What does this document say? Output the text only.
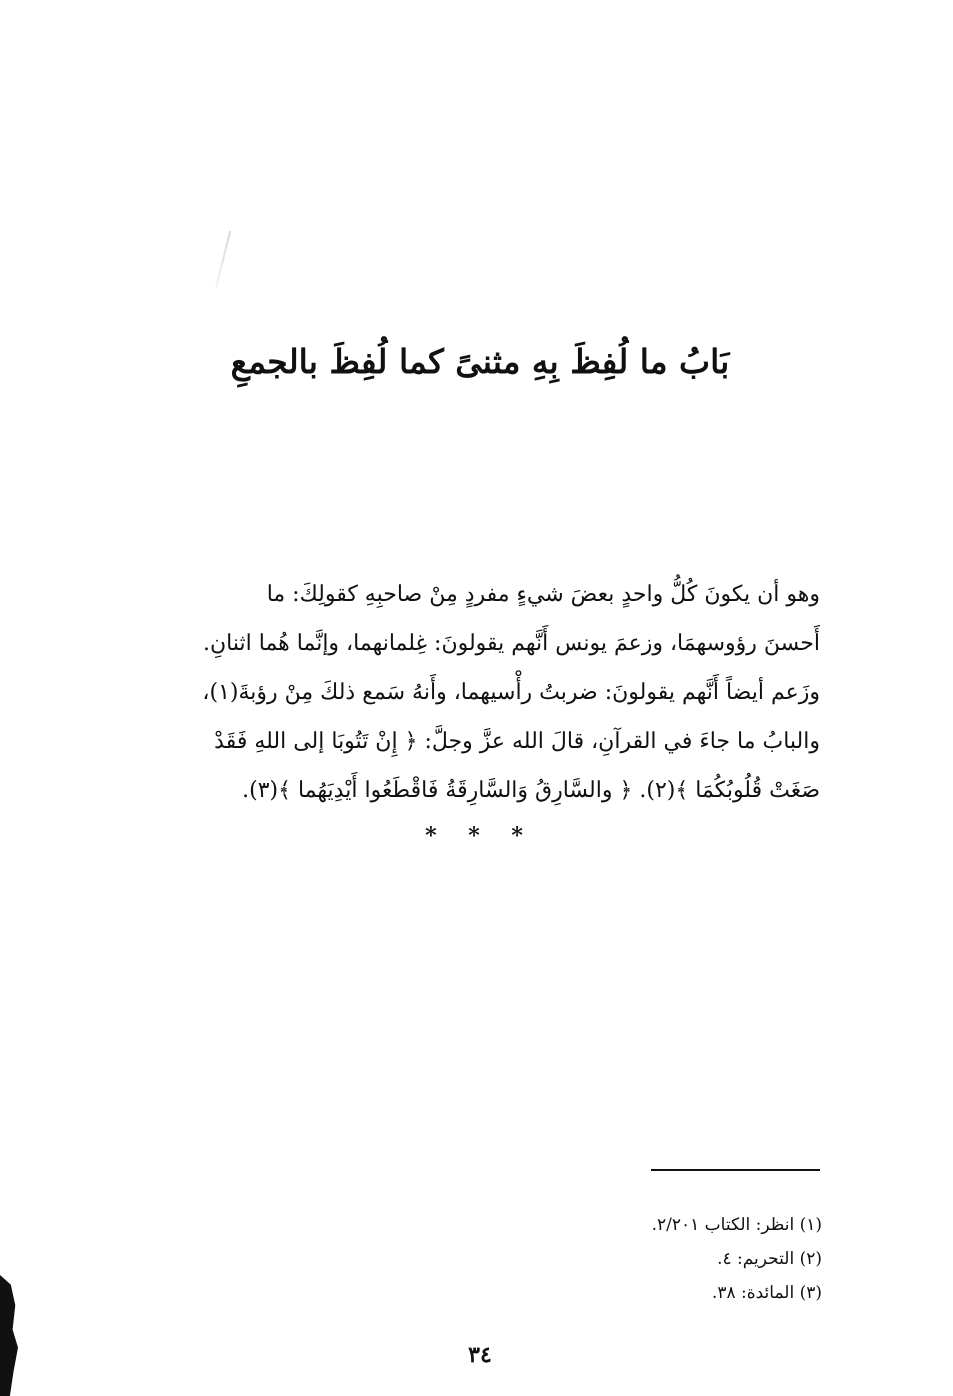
بَابُ ما لُفِظَ بِهِ مثنىً كما لُفِظَ بالجمعِ
وهو أن يكونَ كُلُّ واحدٍ بعضَ شيءٍ مفردٍ مِنْ صاحبِهِ كقولِكَ: ما
أَحسنَ رؤوسهمَا، وزعمَ يونس أَنَّهم يقولونَ: غِلمانهما، وإنَّما هُما اثنانِ.
وزَعم أيضاً أَنَّهم يقولونَ: ضربتُ رأْسيهما، وأَنهُ سَمع ذلكَ مِنْ رؤبةَ(١)،
والبابُ ما جاءَ في القرآنِ، قالَ الله عزَّ وجلَّ: ﴿ إِنْ تَتُوبَا إلى اللهِ فَقَدْ
صَغَتْ قُلُوبُكُمَا ﴾(٢). ﴿ والسَّارِقُ وَالسَّارِقَةُ فَاقْطَعُوا أَيْدِيَهُما ﴾(٣).
* * *
(١) انظر: الكتاب ٢/٢٠١.
(٢) التحريم: ٤.
(٣) المائدة: ٣٨.
٣٤
